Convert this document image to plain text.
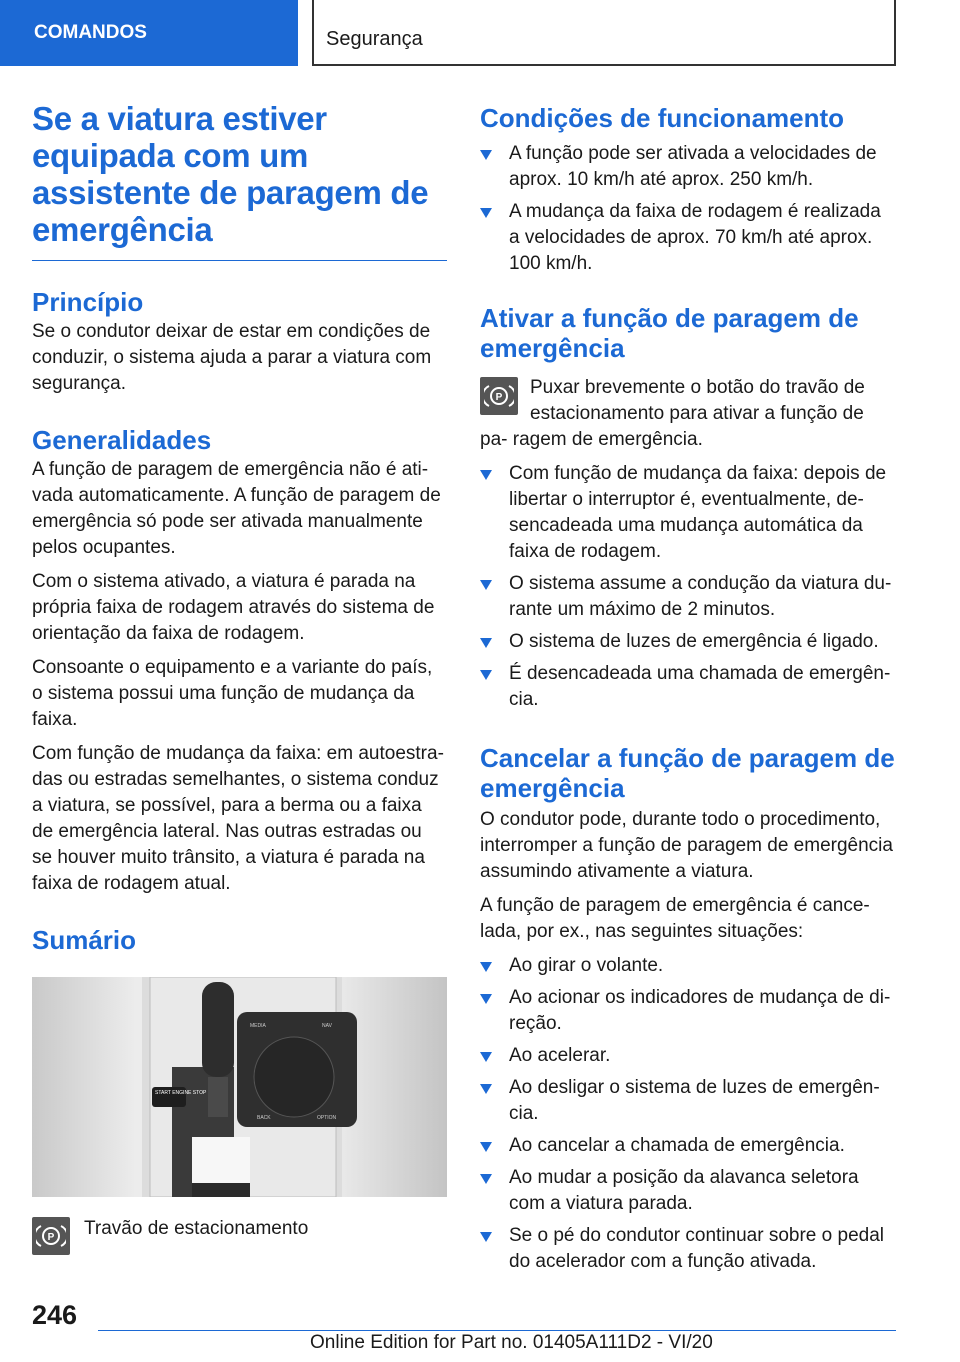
COMANDOS	Segurança
Se a viatura estiver equipada com um assistente de paragem de emergência
Princípio

Se o condutor deixar de estar em condições de conduzir, o sistema ajuda a parar a viatura com segurança.

Generalidades

A função de paragem de emergência não é ati- vada automaticamente. A função de paragem de emergência só pode ser ativada manualmente pelos ocupantes.

Com o sistema ativado, a viatura é parada na própria faixa de rodagem através do sistema de orientação da faixa de rodagem.

Consoante o equipamento e a variante do país, o sistema possui uma função de mudança da faixa.

Com função de mudança da faixa: em autoestra- das ou estradas semelhantes, o sistema conduz a viatura, se possível, para a berma ou a faixa de emergência lateral. Nas outras estradas ou se houver muito trânsito, a viatura é parada na faixa de rodagem atual.

Sumário
START ENGINE STOP
MEDIA	NAV
BACK	OPTION
P Travão de estacionamento

Condições de funcionamento
A função pode ser ativada a velocidades de aprox. 10 km/h até aprox. 250 km/h.
A mudança da faixa de rodagem é realizada a velocidades de aprox. 70 km/h até aprox. 100 km/h.
Ativar a função de paragem de emergência
P	Puxar brevemente o botão do travão de estacionamento para ativar a função de pa- ragem de emergência.

Com função de mudança da faixa: depois de libertar o interruptor é, eventualmente, de- sencadeada uma mudança automática da faixa de rodagem.
O sistema assume a condução da viatura du- rante um máximo de 2 minutos.
O sistema de luzes de emergência é ligado.
É desencadeada uma chamada de emergên- cia.
Cancelar a função de paragem de emergência

O condutor pode, durante todo o procedimento, interromper a função de paragem de emergência assumindo ativamente a viatura.

A função de paragem de emergência é cance- lada, por ex., nas seguintes situações:

Ao girar o volante.
Ao acionar os indicadores de mudança de di- reção.
Ao acelerar.
Ao desligar o sistema de luzes de emergên- cia.
Ao cancelar a chamada de emergência.
Ao mudar a posição da alavanca seletora com a viatura parada.
Se o pé do condutor continuar sobre o pedal do acelerador com a função ativada.
246
Online Edition for Part no. 01405A111D2 - VI/20
